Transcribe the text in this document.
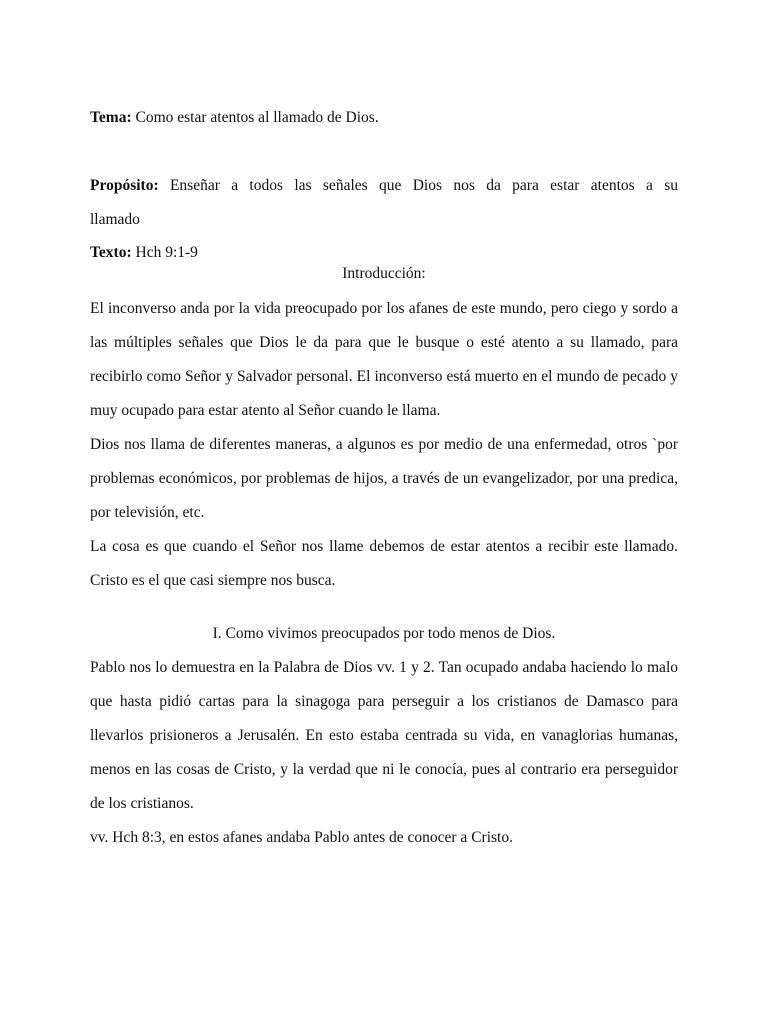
Tema: Como estar atentos al llamado de Dios.
Propósito: Enseñar a todos las señales que Dios nos da para estar atentos a su
llamado
Texto: Hch 9:1-9
Introducción:
El inconverso anda por la vida preocupado por los afanes de este mundo, pero ciego y sordo a las múltiples señales que Dios le da para que le busque o esté atento a su llamado, para recibirlo como Señor y Salvador personal. El inconverso está muerto en el mundo de pecado y muy ocupado para estar atento al Señor cuando le llama.
Dios nos llama de diferentes maneras, a algunos es por medio de una enfermedad, otros `por problemas económicos, por problemas de hijos, a través de un evangelizador, por una predica, por televisión, etc.
La cosa es que cuando el Señor nos llame debemos de estar atentos a recibir este llamado. Cristo es el que casi siempre nos busca.
I. Como vivimos preocupados por todo menos de Dios.
Pablo nos lo demuestra en la Palabra de Dios vv. 1 y 2. Tan ocupado andaba haciendo lo malo que hasta pidió cartas para la sinagoga para perseguir a los cristianos de Damasco para llevarlos prisioneros a Jerusalén. En esto estaba centrada su vida, en vanaglorias humanas, menos en las cosas de Cristo, y la verdad que ni le conocía, pues al contrario era perseguidor de los cristianos.
vv. Hch 8:3, en estos afanes andaba Pablo antes de conocer a Cristo.
